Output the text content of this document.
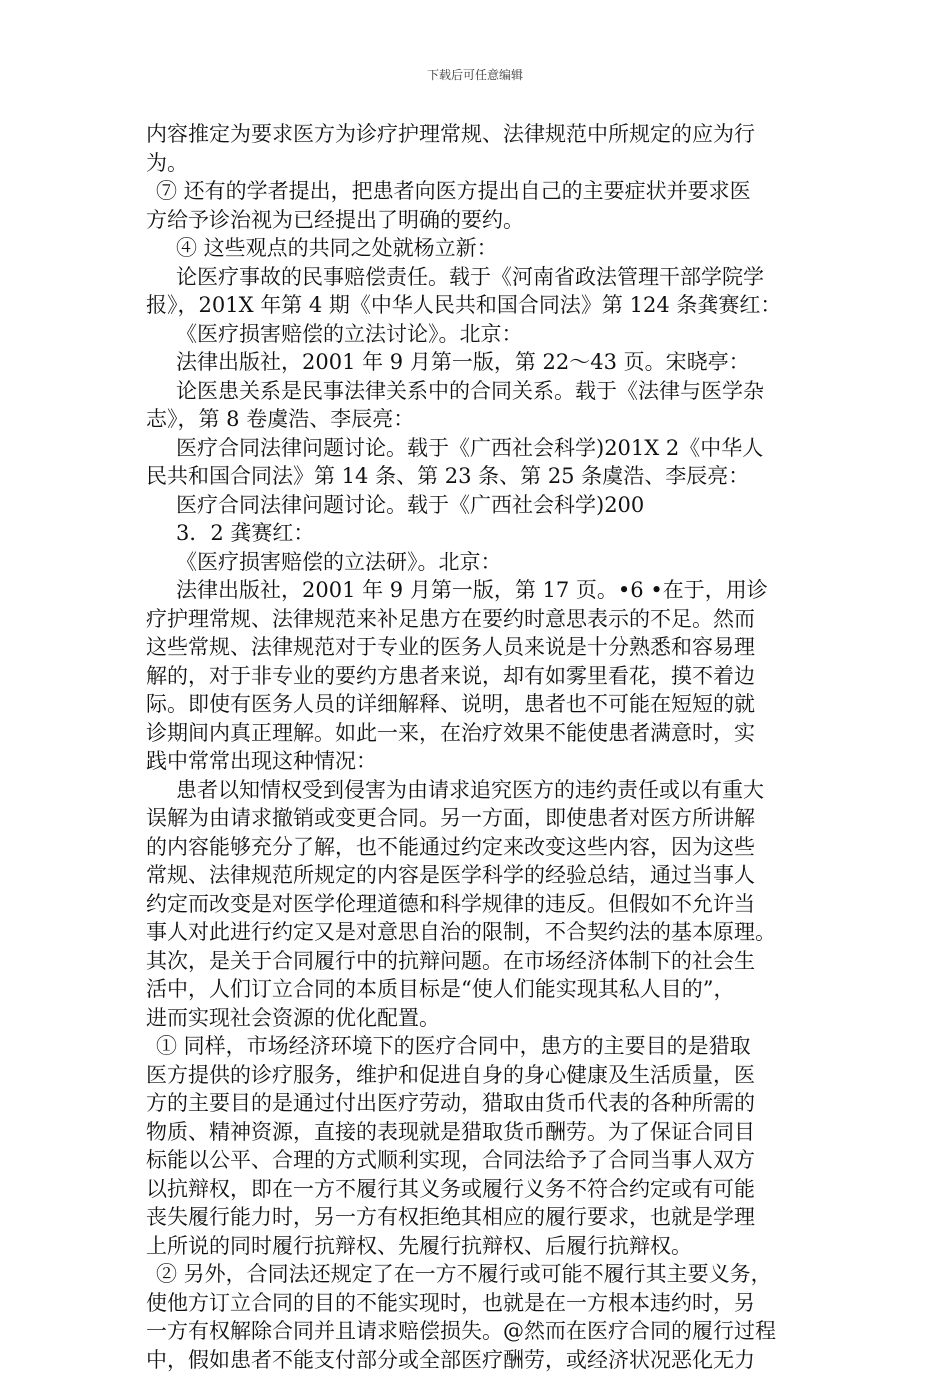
下载后可任意编辑
内容推定为要求医方为诊疗护理常规、法律规范中所规定的应为行
为。
⑦ 还有的学者提出，把患者向医方提出自己的主要症状并要求医
方给予诊治视为已经提出了明确的要约。
④ 这些观点的共同之处就杨立新：
论医疗事故的民事赔偿责任。载于《河南省政法管理干部学院学
报》，201X 年第 4 期《中华人民共和国合同法》第 124 条龚赛红：
《医疗损害赔偿的立法讨论》。北京：
法律出版社，2001 年 9 月第一版，第 22～43 页。宋晓亭：
论医患关系是民事法律关系中的合同关系。载于《法律与医学杂
志》，第 8 卷虞浩、李辰亮：
医疗合同法律问题讨论。载于《广西社会科学)201X 2《中华人
民共和国合同法》第 14 条、第 23 条、第 25 条虞浩、李辰亮：
医疗合同法律问题讨论。载于《广西社会科学)200
3．2 龚赛红：
《医疗损害赔偿的立法研》。北京：
法律出版社，2001 年 9 月第一版，第 17 页。•6 •在于，用诊
疗护理常规、法律规范来补足患方在要约时意思表示的不足。然而
这些常规、法律规范对于专业的医务人员来说是十分熟悉和容易理
解的，对于非专业的要约方患者来说，却有如雾里看花，摸不着边
际。即使有医务人员的详细解释、说明，患者也不可能在短短的就
诊期间内真正理解。如此一来，在治疗效果不能使患者满意时，实
践中常常出现这种情况：
患者以知情权受到侵害为由请求追究医方的违约责任或以有重大
误解为由请求撤销或变更合同。另一方面，即使患者对医方所讲解
的内容能够充分了解，也不能通过约定来改变这些内容，因为这些
常规、法律规范所规定的内容是医学科学的经验总结，通过当事人
约定而改变是对医学伦理道德和科学规律的违反。但假如不允许当
事人对此进行约定又是对意思自治的限制，不合契约法的基本原理。
其次，是关于合同履行中的抗辩问题。在市场经济体制下的社会生
活中，人们订立合同的本质目标是“使人们能实现其私人目的”，
进而实现社会资源的优化配置。
① 同样，市场经济环境下的医疗合同中，患方的主要目的是猎取
医方提供的诊疗服务，维护和促进自身的身心健康及生活质量，医
方的主要目的是通过付出医疗劳动，猎取由货币代表的各种所需的
物质、精神资源，直接的表现就是猎取货币酬劳。为了保证合同目
标能以公平、合理的方式顺利实现，合同法给予了合同当事人双方
以抗辩权，即在一方不履行其义务或履行义务不符合约定或有可能
丧失履行能力时，另一方有权拒绝其相应的履行要求，也就是学理
上所说的同时履行抗辩权、先履行抗辩权、后履行抗辩权。
② 另外，合同法还规定了在一方不履行或可能不履行其主要义务，
使他方订立合同的目的不能实现时，也就是在一方根本违约时，另
一方有权解除合同并且请求赔偿损失。@然而在医疗合同的履行过程
中，假如患者不能支付部分或全部医疗酬劳，或经济状况恶化无力
